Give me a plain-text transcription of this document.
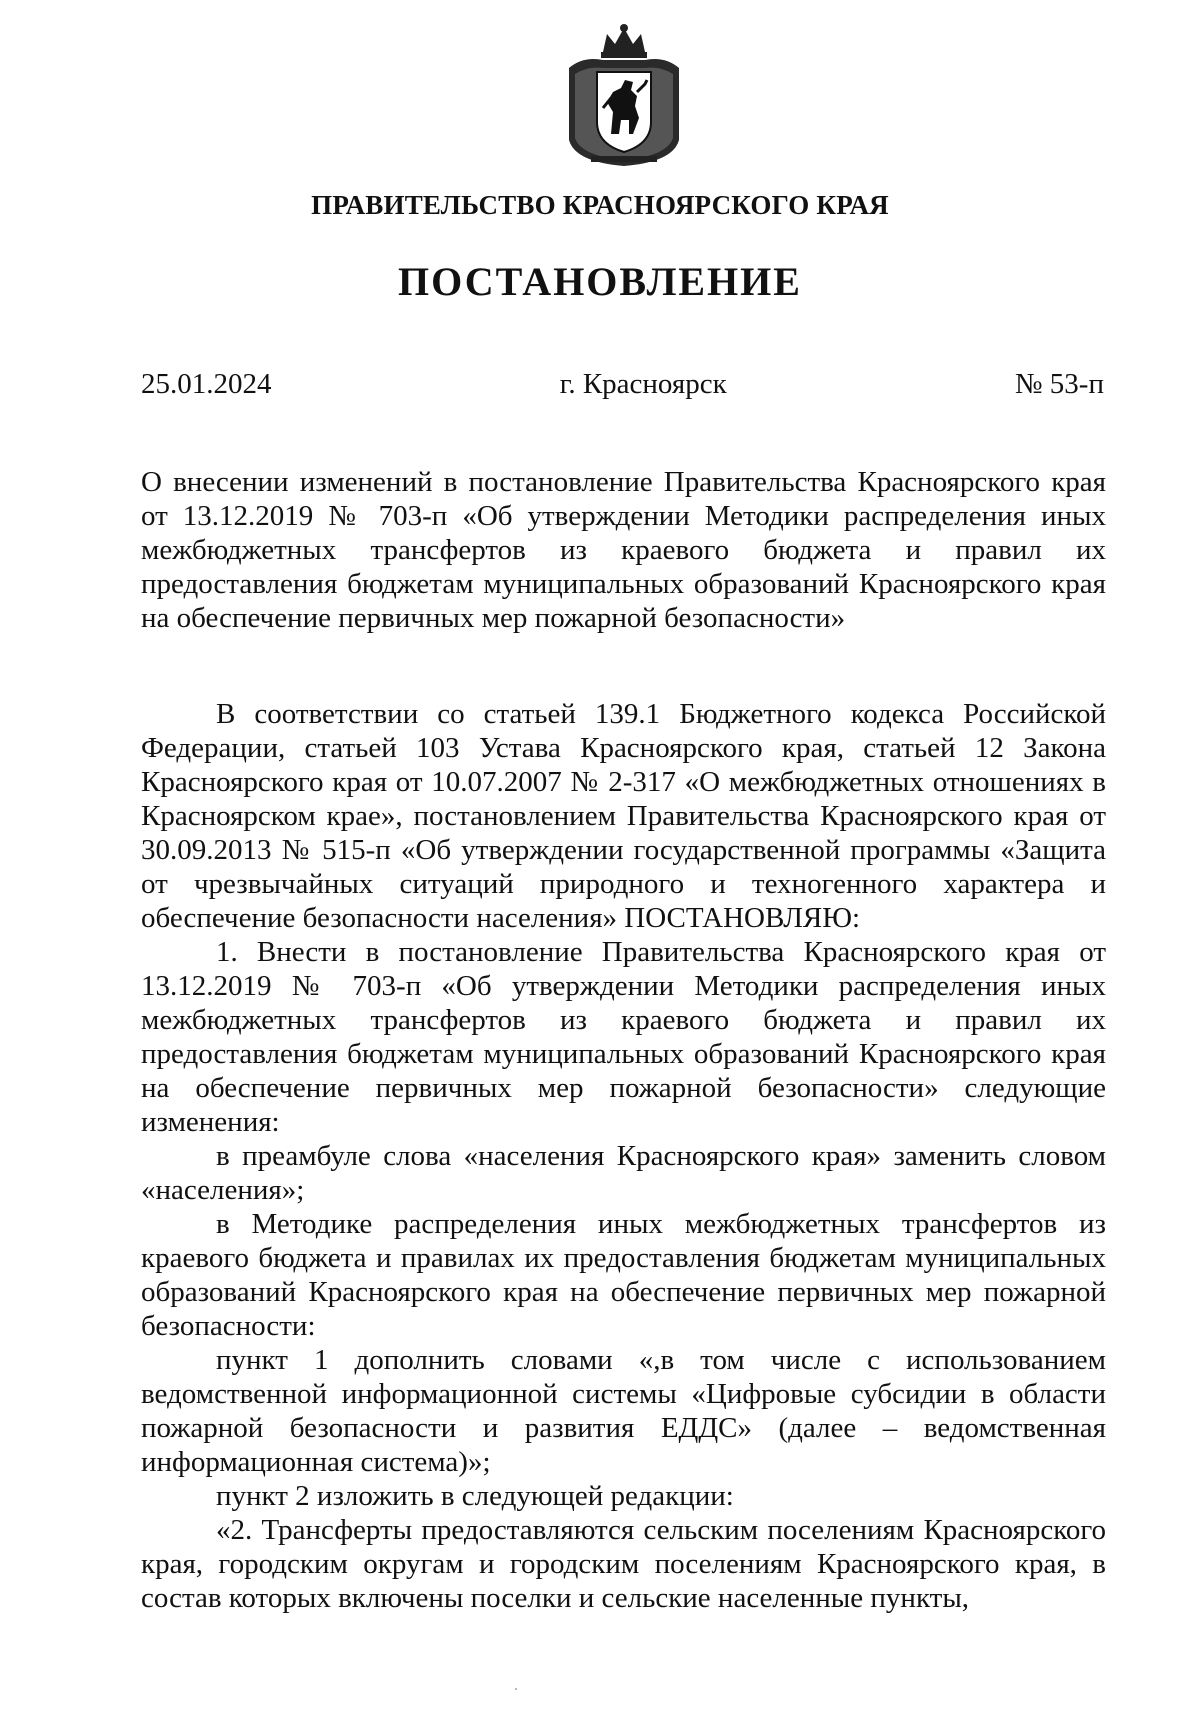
ПРАВИТЕЛЬСТВО КРАСНОЯРСКОГО КРАЯ
ПОСТАНОВЛЕНИЕ
25.01.2024	г. Красноярск	№ 53-п
О внесении изменений в постановление Правительства Красноярского края от 13.12.2019 № 703-п «Об утверждении Методики распределения иных межбюджетных трансфертов из краевого бюджета и правил их предоставления бюджетам муниципальных образований Красноярского края на обеспечение первичных мер пожарной безопасности»

В соответствии со статьей 139.1 Бюджетного кодекса Российской Федерации, статьей 103 Устава Красноярского края, статьей 12 Закона Красноярского края от 10.07.2007 № 2-317 «О межбюджетных отношениях в Красноярском крае», постановлением Правительства Красноярского края от 30.09.2013 № 515-п «Об утверждении государственной программы «Защита от чрезвычайных ситуаций природного и техногенного характера и обеспечение безопасности населения» ПОСТАНОВЛЯЮ:

1. Внести в постановление Правительства Красноярского края от 13.12.2019 № 703-п «Об утверждении Методики распределения иных межбюджетных трансфертов из краевого бюджета и правил их предоставления бюджетам муниципальных образований Красноярского края на обеспечение первичных мер пожарной безопасности» следующие изменения:

в преамбуле слова «населения Красноярского края» заменить словом «населения»;

в Методике распределения иных межбюджетных трансфертов из краевого бюджета и правилах их предоставления бюджетам муниципальных образований Красноярского края на обеспечение первичных мер пожарной безопасности:

пункт 1 дополнить словами «,в том числе с использованием ведомственной информационной системы «Цифровые субсидии в области пожарной безопасности и развития ЕДДС» (далее – ведомственная информационная система)»;

пункт 2 изложить в следующей редакции:

«2. Трансферты предоставляются сельским поселениям Красноярского края, городским округам и городским поселениям Красноярского края, в состав которых включены поселки и сельские населенные пункты,
